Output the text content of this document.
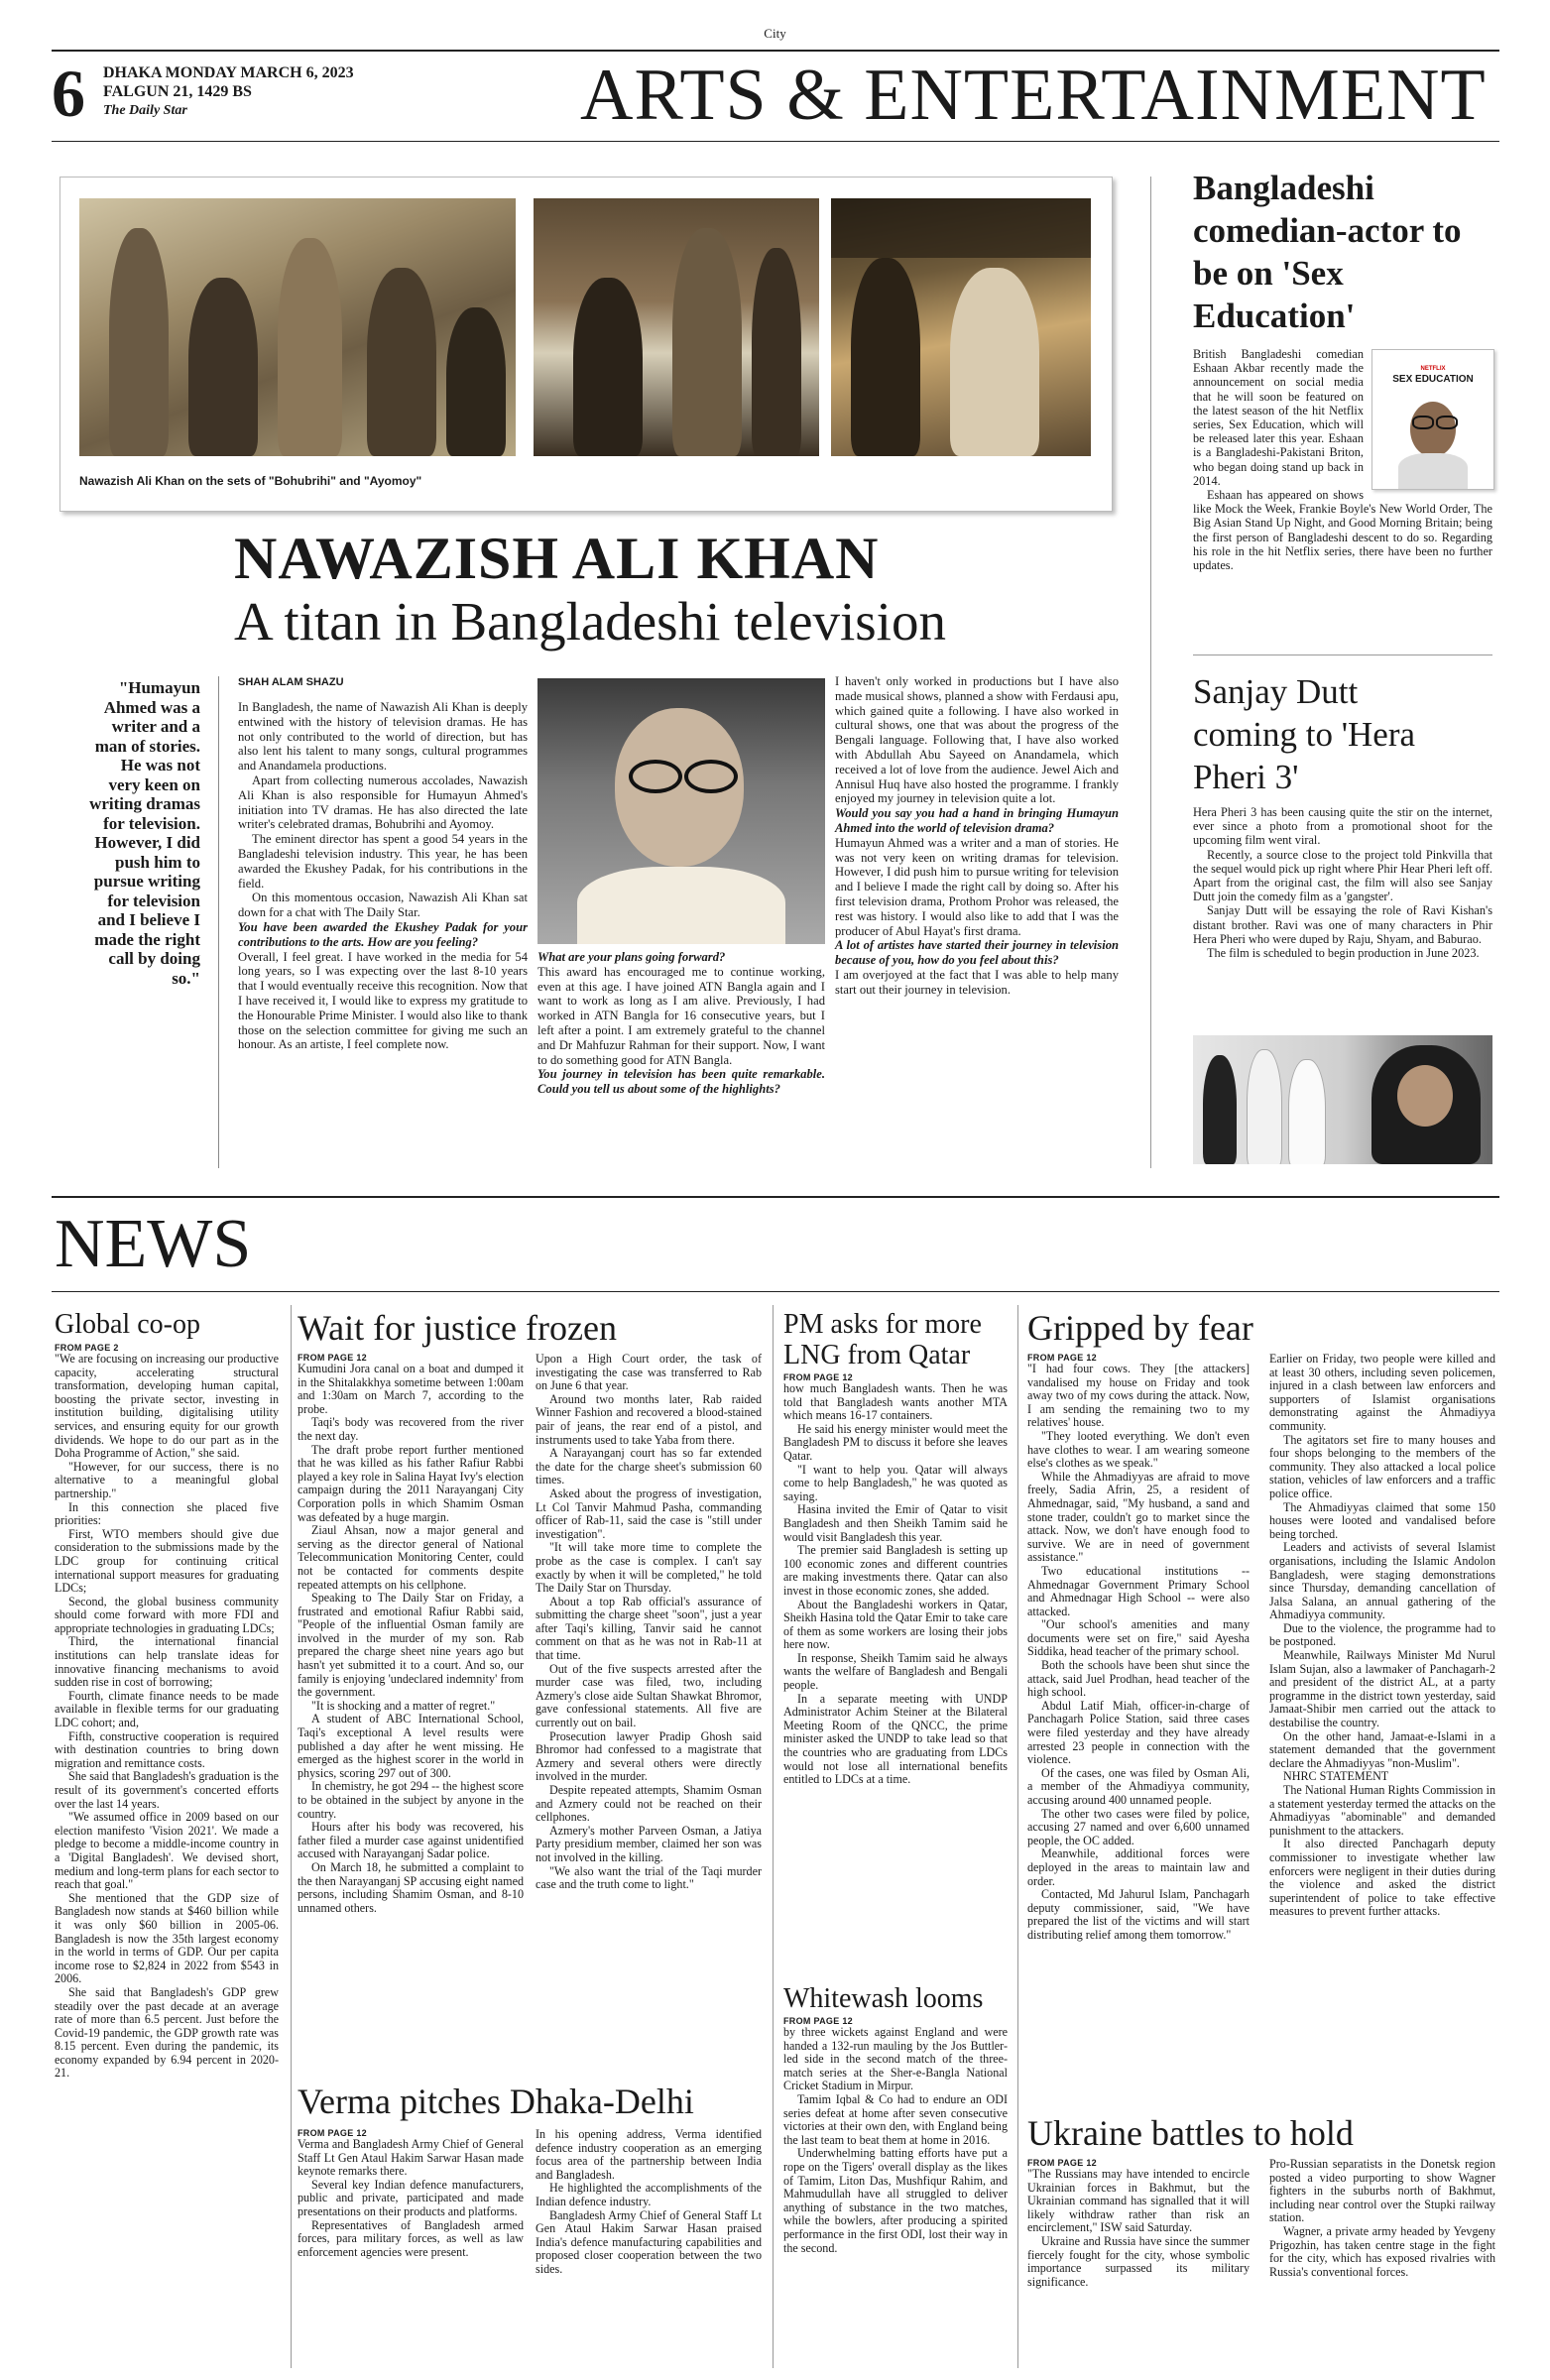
City
6 DHAKA MONDAY MARCH 6, 2023
FALGUN 21, 1429 BS
The Daily Star	ARTS & ENTERTAINMENT
Nawazish Ali Khan on the sets of "Bohubrihi" and "Ayomoy"
NAWAZISH ALI KHAN
A titan in Bangladeshi television
"Humayun Ahmed was a writer and a man of stories. He was not very keen on writing dramas for television. However, I did push him to pursue writing for television and I believe I made the right call by doing so."
SHAH ALAM SHAZU

In Bangladesh, the name of Nawazish Ali Khan is deeply entwined with the history of television dramas. He has not only contributed to the world of direction, but has also lent his talent to many songs, cultural programmes and Anandamela productions.

Apart from collecting numerous accolades, Nawazish Ali Khan is also responsible for Humayun Ahmed's initiation into TV dramas. He has also directed the late writer's celebrated dramas, Bohubrihi and Ayomoy.

The eminent director has spent a good 54 years in the Bangladeshi television industry. This year, he has been awarded the Ekushey Padak, for his contributions in the field.

On this momentous occasion, Nawazish Ali Khan sat down for a chat with The Daily Star.

You have been awarded the Ekushey Padak for your contributions to the arts. How are you feeling?

Overall, I feel great. I have worked in the media for 54 long years, so I was expecting over the last 8-10 years that I would eventually receive this recognition. Now that I have received it, I would like to express my gratitude to the Honourable Prime Minister. I would also like to thank those on the selection committee for giving me such an honour. As an artiste, I feel complete now.

What are your plans going forward?

This award has encouraged me to continue working, even at this age. I have joined ATN Bangla again and I want to work as long as I am alive. Previously, I had worked in ATN Bangla for 16 consecutive years, but I left after a point. I am extremely grateful to the channel and Dr Mahfuzur Rahman for their support. Now, I want to do something good for ATN Bangla.

You journey in television has been quite remarkable. Could you tell us about some of the highlights?

I haven't only worked in productions but I have also made musical shows, planned a show with Ferdausi apu, which gained quite a following. I have also worked in cultural shows, one that was about the progress of the Bengali language. Following that, I have also worked with Abdullah Abu Sayeed on Anandamela, which received a lot of love from the audience. Jewel Aich and Annisul Huq have also hosted the programme. I frankly enjoyed my journey in television quite a lot.

Would you say you had a hand in bringing Humayun Ahmed into the world of television drama?

Humayun Ahmed was a writer and a man of stories. He was not very keen on writing dramas for television. However, I did push him to pursue writing for television and I believe I made the right call by doing so. After his first television drama, Prothom Prohor was released, the rest was history. I would also like to add that I was the producer of Abul Hayat's first drama.

A lot of artistes have started their journey in television because of you, how do you feel about this?

I am overjoyed at the fact that I was able to help many start out their journey in television.

Bangladeshi comedian-actor to be on 'Sex Education'
NETFLIX
SEX EDUCATION

British Bangladeshi comedian Eshaan Akbar recently made the announcement on social media that he will soon be featured on the latest season of the hit Netflix series, Sex Education, which will be released later this year. Eshaan is a Bangladeshi-Pakistani Briton, who began doing stand up back in 2014.

Eshaan has appeared on shows like Mock the Week, Frankie Boyle's New World Order, The Big Asian Stand Up Night, and Good Morning Britain; being the first person of Bangladeshi descent to do so. Regarding his role in the hit Netflix series, there have been no further updates.

Sanjay Dutt coming to 'Hera Pheri 3'

Hera Pheri 3 has been causing quite the stir on the internet, ever since a photo from a promotional shoot for the upcoming film went viral.

Recently, a source close to the project told Pinkvilla that the sequel would pick up right where Phir Hear Pheri left off. Apart from the original cast, the film will also see Sanjay Dutt join the comedy film as a 'gangster'.

Sanjay Dutt will be essaying the role of Ravi Kishan's distant brother. Ravi was one of many characters in Phir Hera Pheri who were duped by Raju, Shyam, and Baburao.

The film is scheduled to begin production in June 2023.

NEWS
Global co-op
FROM PAGE 2

"We are focusing on increasing our productive capacity, accelerating structural transformation, developing human capital, boosting the private sector, investing in institution building, digitalising utility services, and ensuring equity for our growth dividends. We hope to do our part as in the Doha Programme of Action," she said.

"However, for our success, there is no alternative to a meaningful global partnership."

In this connection she placed five priorities:

First, WTO members should give due consideration to the submissions made by the LDC group for continuing critical international support measures for graduating LDCs;

Second, the global business community should come forward with more FDI and appropriate technologies in graduating LDCs;

Third, the international financial institutions can help translate ideas for innovative financing mechanisms to avoid sudden rise in cost of borrowing;

Fourth, climate finance needs to be made available in flexible terms for our graduating LDC cohort; and,

Fifth, constructive cooperation is required with destination countries to bring down migration and remittance costs.

She said that Bangladesh's graduation is the result of its government's concerted efforts over the last 14 years.

"We assumed office in 2009 based on our election manifesto 'Vision 2021'. We made a pledge to become a middle-income country in a 'Digital Bangladesh'. We devised short, medium and long-term plans for each sector to reach that goal."

She mentioned that the GDP size of Bangladesh now stands at $460 billion while it was only $60 billion in 2005-06. Bangladesh is now the 35th largest economy in the world in terms of GDP. Our per capita income rose to $2,824 in 2022 from $543 in 2006.

She said that Bangladesh's GDP grew steadily over the past decade at an average rate of more than 6.5 percent. Just before the Covid-19 pandemic, the GDP growth rate was 8.15 percent. Even during the pandemic, its economy expanded by 6.94 percent in 2020-21.

Wait for justice frozen
FROM PAGE 12

Kumudini Jora canal on a boat and dumped it in the Shitalakkhya sometime between 1:00am and 1:30am on March 7, according to the probe.

Taqi's body was recovered from the river the next day.

The draft probe report further mentioned that he was killed as his father Rafiur Rabbi played a key role in Salina Hayat Ivy's election campaign during the 2011 Narayanganj City Corporation polls in which Shamim Osman was defeated by a huge margin.

Ziaul Ahsan, now a major general and serving as the director general of National Telecommunication Monitoring Center, could not be contacted for comments despite repeated attempts on his cellphone.

Speaking to The Daily Star on Friday, a frustrated and emotional Rafiur Rabbi said, "People of the influential Osman family are involved in the murder of my son. Rab prepared the charge sheet nine years ago but hasn't yet submitted it to a court. And so, our family is enjoying 'undeclared indemnity' from the government.

"It is shocking and a matter of regret."

A student of ABC International School, Taqi's exceptional A level results were published a day after he went missing. He emerged as the highest scorer in the world in physics, scoring 297 out of 300.

In chemistry, he got 294 -- the highest score to be obtained in the subject by anyone in the country.

Hours after his body was recovered, his father filed a murder case against unidentified accused with Narayanganj Sadar police.

On March 18, he submitted a complaint to the then Narayanganj SP accusing eight named persons, including Shamim Osman, and 8-10 unnamed others.

Upon a High Court order, the task of investigating the case was transferred to Rab on June 6 that year.

Around two months later, Rab raided Winner Fashion and recovered a blood-stained pair of jeans, the rear end of a pistol, and instruments used to take Yaba from there.

A Narayanganj court has so far extended the date for the charge sheet's submission 60 times.

Asked about the progress of investigation, Lt Col Tanvir Mahmud Pasha, commanding officer of Rab-11, said the case is "still under investigation".

"It will take more time to complete the probe as the case is complex. I can't say exactly by when it will be completed," he told The Daily Star on Thursday.

About a top Rab official's assurance of submitting the charge sheet "soon", just a year after Taqi's killing, Tanvir said he cannot comment on that as he was not in Rab-11 at that time.

Out of the five suspects arrested after the murder case was filed, two, including Azmery's close aide Sultan Shawkat Bhromor, gave confessional statements. All five are currently out on bail.

Prosecution lawyer Pradip Ghosh said Bhromor had confessed to a magistrate that Azmery and several others were directly involved in the murder.

Despite repeated attempts, Shamim Osman and Azmery could not be reached on their cellphones.

Azmery's mother Parveen Osman, a Jatiya Party presidium member, claimed her son was not involved in the killing.

"We also want the trial of the Taqi murder case and the truth come to light."

Verma pitches Dhaka-Delhi
FROM PAGE 12

Verma and Bangladesh Army Chief of General Staff Lt Gen Ataul Hakim Sarwar Hasan made keynote remarks there.

Several key Indian defence manufacturers, public and private, participated and made presentations on their products and platforms.

Representatives of Bangladesh armed forces, para military forces, as well as law enforcement agencies were present.

In his opening address, Verma identified defence industry cooperation as an emerging focus area of the partnership between India and Bangladesh.

He highlighted the accomplishments of the Indian defence industry.

Bangladesh Army Chief of General Staff Lt Gen Ataul Hakim Sarwar Hasan praised India's defence manufacturing capabilities and proposed closer cooperation between the two sides.

PM asks for more LNG from Qatar
FROM PAGE 12

how much Bangladesh wants. Then he was told that Bangladesh wants another MTA which means 16-17 containers.

He said his energy minister would meet the Bangladesh PM to discuss it before she leaves Qatar.

"I want to help you. Qatar will always come to help Bangladesh," he was quoted as saying.

Hasina invited the Emir of Qatar to visit Bangladesh and then Sheikh Tamim said he would visit Bangladesh this year.

The premier said Bangladesh is setting up 100 economic zones and different countries are making investments there. Qatar can also invest in those economic zones, she added.

About the Bangladeshi workers in Qatar, Sheikh Hasina told the Qatar Emir to take care of them as some workers are losing their jobs here now.

In response, Sheikh Tamim said he always wants the welfare of Bangladesh and Bengali people.

In a separate meeting with UNDP Administrator Achim Steiner at the Bilateral Meeting Room of the QNCC, the prime minister asked the UNDP to take lead so that the countries who are graduating from LDCs would not lose all international benefits entitled to LDCs at a time.

Whitewash looms
FROM PAGE 12

by three wickets against England and were handed a 132-run mauling by the Jos Buttler-led side in the second match of the three-match series at the Sher-e-Bangla National Cricket Stadium in Mirpur.

Tamim Iqbal & Co had to endure an ODI series defeat at home after seven consecutive victories at their own den, with England being the last team to beat them at home in 2016.

Underwhelming batting efforts have put a rope on the Tigers' overall display as the likes of Tamim, Liton Das, Mushfiqur Rahim, and Mahmudullah have all struggled to deliver anything of substance in the two matches, while the bowlers, after producing a spirited performance in the first ODI, lost their way in the second.

Gripped by fear
FROM PAGE 12

"I had four cows. They [the attackers] vandalised my house on Friday and took away two of my cows during the attack. Now, I am sending the remaining two to my relatives' house.

"They looted everything. We don't even have clothes to wear. I am wearing someone else's clothes as we speak."

While the Ahmadiyyas are afraid to move freely, Sadia Afrin, 25, a resident of Ahmednagar, said, "My husband, a sand and stone trader, couldn't go to market since the attack. Now, we don't have enough food to survive. We are in need of government assistance."

Two educational institutions -- Ahmednagar Government Primary School and Ahmednagar High School -- were also attacked.

"Our school's amenities and many documents were set on fire," said Ayesha Siddika, head teacher of the primary school.

Both the schools have been shut since the attack, said Juel Prodhan, head teacher of the high school.

Abdul Latif Miah, officer-in-charge of Panchagarh Police Station, said three cases were filed yesterday and they have already arrested 23 people in connection with the violence.

Of the cases, one was filed by Osman Ali, a member of the Ahmadiyya community, accusing around 400 unnamed people.

The other two cases were filed by police, accusing 27 named and over 6,600 unnamed people, the OC added.

Meanwhile, additional forces were deployed in the areas to maintain law and order.

Contacted, Md Jahurul Islam, Panchagarh deputy commissioner, said, "We have prepared the list of the victims and will start distributing relief among them tomorrow."

Earlier on Friday, two people were killed and at least 30 others, including seven policemen, injured in a clash between law enforcers and supporters of Islamist organisations demonstrating against the Ahmadiyya community.

The agitators set fire to many houses and four shops belonging to the members of the community. They also attacked a local police station, vehicles of law enforcers and a traffic police office.

The Ahmadiyyas claimed that some 150 houses were looted and vandalised before being torched.

Leaders and activists of several Islamist organisations, including the Islamic Andolon Bangladesh, were staging demonstrations since Thursday, demanding cancellation of Jalsa Salana, an annual gathering of the Ahmadiyya community.

Due to the violence, the programme had to be postponed.

Meanwhile, Railways Minister Md Nurul Islam Sujan, also a lawmaker of Panchagarh-2 and president of the district AL, at a party programme in the district town yesterday, said Jamaat-Shibir men carried out the attack to destabilise the country.

On the other hand, Jamaat-e-Islami in a statement demanded that the government declare the Ahmadiyyas "non-Muslim".

NHRC STATEMENT

The National Human Rights Commission in a statement yesterday termed the attacks on the Ahmadiyyas "abominable" and demanded punishment to the attackers.

It also directed Panchagarh deputy commissioner to investigate whether law enforcers were negligent in their duties during the violence and asked the district superintendent of police to take effective measures to prevent further attacks.

Ukraine battles to hold
FROM PAGE 12

"The Russians may have intended to encircle Ukrainian forces in Bakhmut, but the Ukrainian command has signalled that it will likely withdraw rather than risk an encirclement," ISW said Saturday.

Ukraine and Russia have since the summer fiercely fought for the city, whose symbolic importance surpassed its military significance.

Pro-Russian separatists in the Donetsk region posted a video purporting to show Wagner fighters in the suburbs north of Bakhmut, including near control over the Stupki railway station.

Wagner, a private army headed by Yevgeny Prigozhin, has taken centre stage in the fight for the city, which has exposed rivalries with Russia's conventional forces.
